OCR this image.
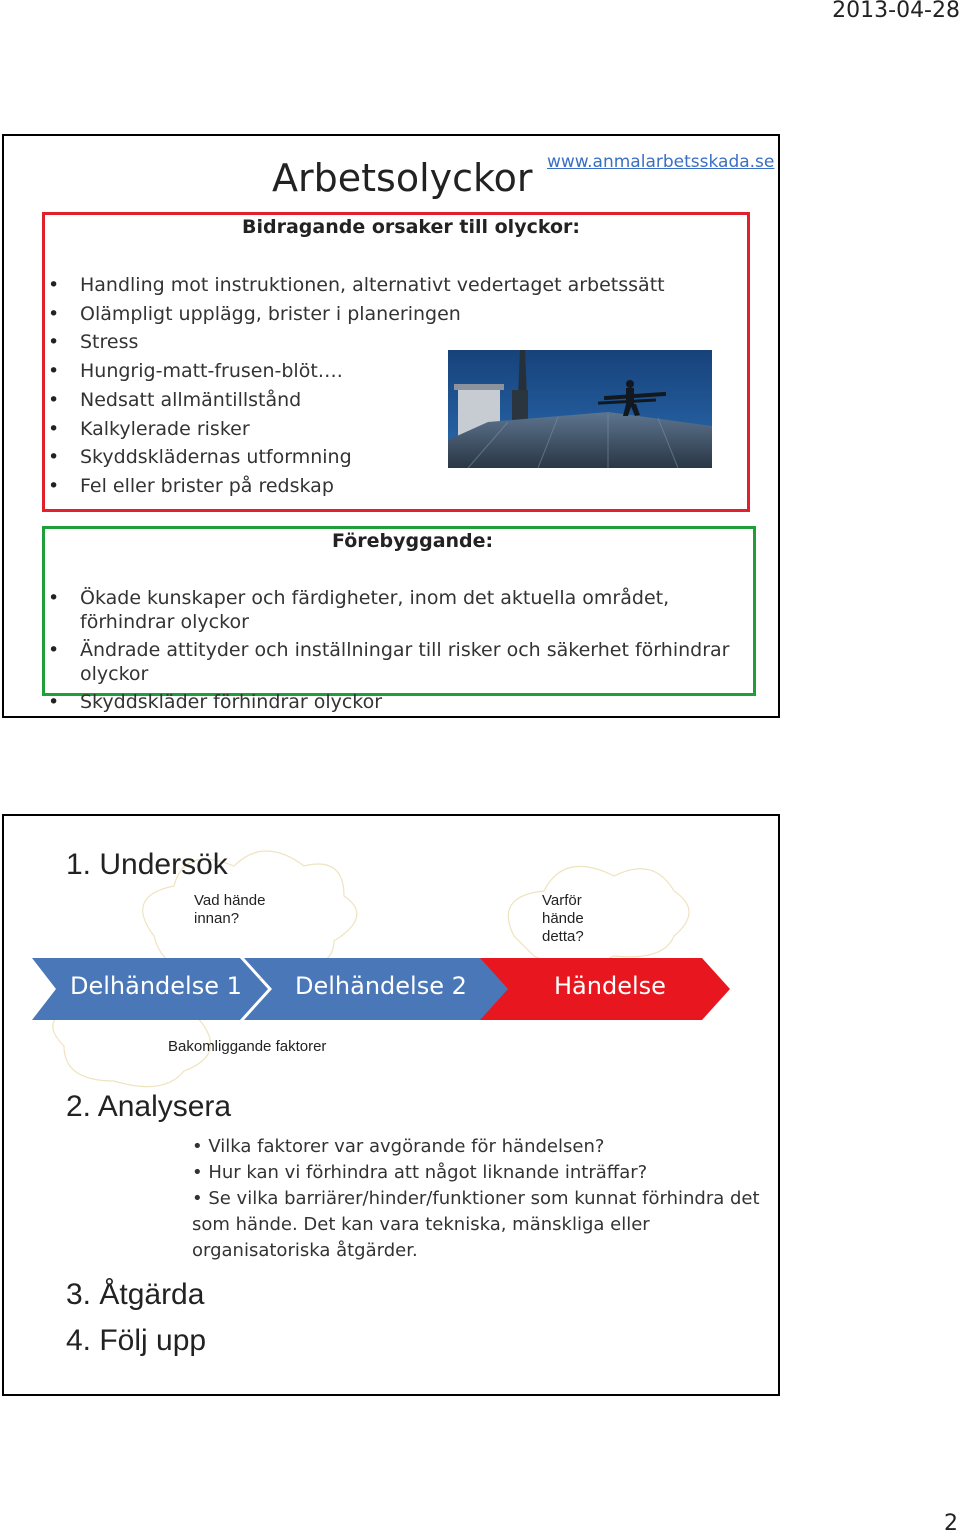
2013-04-28
Arbetsolyckor www.anmalarbetsskada.se
Bidragande orsaker till olyckor:
• Handling mot instruktionen, alternativt vedertaget arbetssätt
• Olämpligt upplägg, brister i planeringen
• Stress
• Hungrig-matt-frusen-blöt….
• Nedsatt allmäntillstånd
• Kalkylerade risker
• Skyddsklädernas utformning
• Fel eller brister på redskap
Förebyggande:
• Ökade kunskaper och färdigheter, inom det aktuella området, förhindrar olyckor
• Ändrade attityder och inställningar till risker och säkerhet förhindrar olyckor
• Skyddskläder förhindrar olyckor
1. Undersök
Vad hände
innan?
Varför
hände
detta?
Delhändelse 1 Delhändelse 2	Händelse
Bakomliggande faktorer
2. Analysera
• Vilka faktorer var avgörande för händelsen?
• Hur kan vi förhindra att något liknande inträffar?
• Se vilka barriärer/hinder/funktioner som kunnat förhindra det som hände. Det kan vara tekniska, mänskliga eller organisatoriska åtgärder.
3. Åtgärda
4. Följ upp
2
